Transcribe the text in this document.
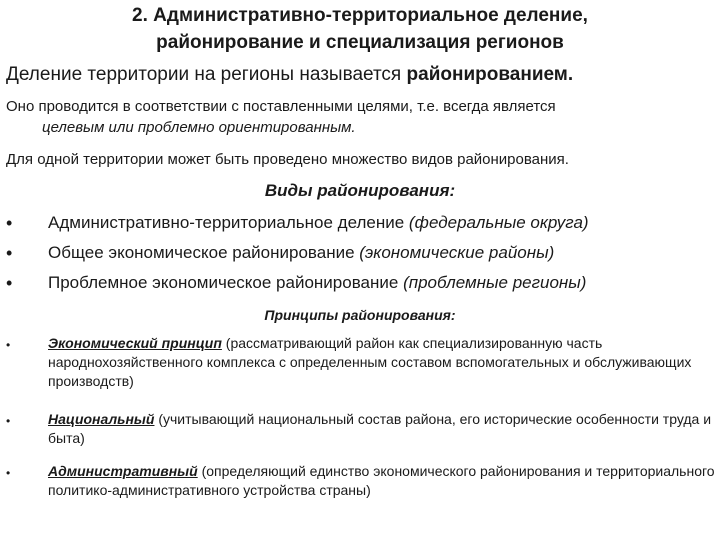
2. Административно-территориальное деление,
районирование и специализация регионов
Деление территории на регионы называется районированием.
Оно проводится в соответствии с поставленными целями, т.е. всегда является
целевым или проблемно ориентированным.
Для одной территории может быть проведено множество видов районирования.
Виды районирования:
• Административно-территориальное деление (федеральные округа)
• Общее экономическое районирование (экономические районы)
• Проблемное экономическое районирование (проблемные регионы)
Принципы районирования:
•	Экономический принцип (рассматривающий район как специализированную часть народнохозяйственного комплекса с определенным составом вспомогательных и обслуживающих производств)
•	Национальный (учитывающий национальный состав района, его исторические особенности труда и быта)
•	Административный (определяющий единство экономического районирования и территориального политико-административного устройства страны)
